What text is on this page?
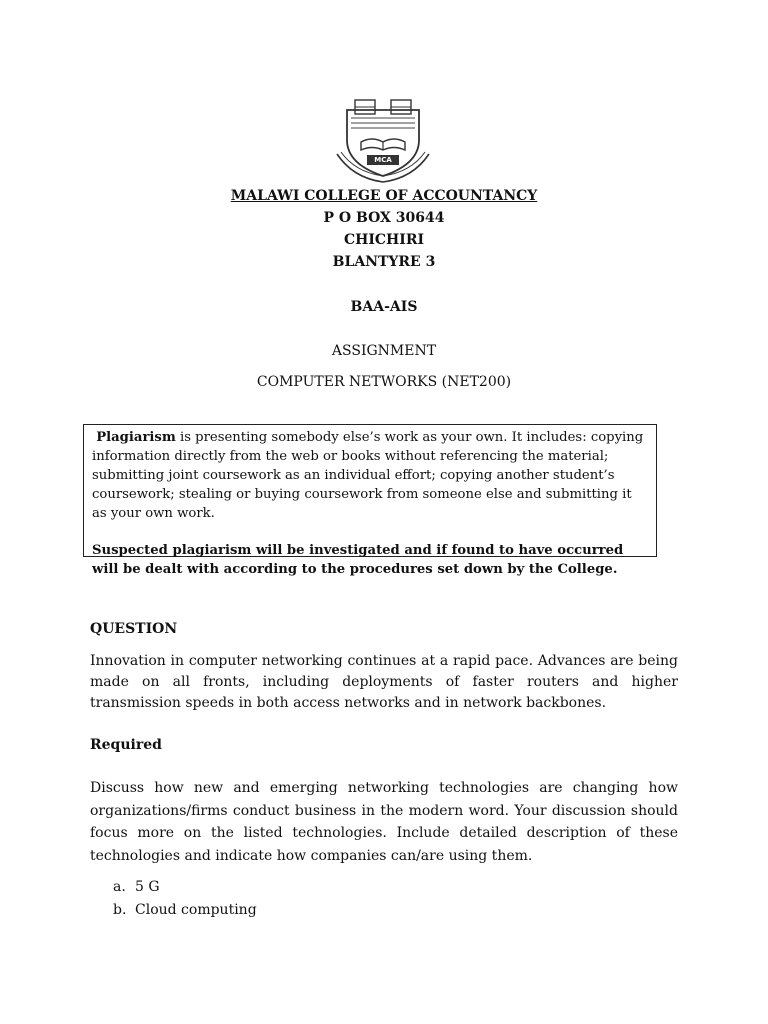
MCA
MALAWI COLLEGE OF ACCOUNTANCY
P O BOX 30644
CHICHIRI
BLANTYRE 3
BAA-AIS
ASSIGNMENT
COMPUTER NETWORKS (NET200)

Plagiarism is presenting somebody else’s work as your own. It includes: copying information directly from the web or books without referencing the material; submitting joint coursework as an individual effort; copying another student’s coursework; stealing or buying coursework from someone else and submitting it as your own work.

Suspected plagiarism will be investigated and if found to have occurred will be dealt with according to the procedures set down by the College.

QUESTION

Innovation in computer networking continues at a rapid pace. Advances are being made on all fronts, including deployments of faster routers and higher transmission speeds in both access networks and in network backbones.

Required

Discuss how new and emerging networking technologies are changing how organizations/firms conduct business in the modern word. Your discussion should focus more on the listed technologies. Include detailed description of these technologies and indicate how companies can/are using them.

a. 5 G
b. Cloud computing
